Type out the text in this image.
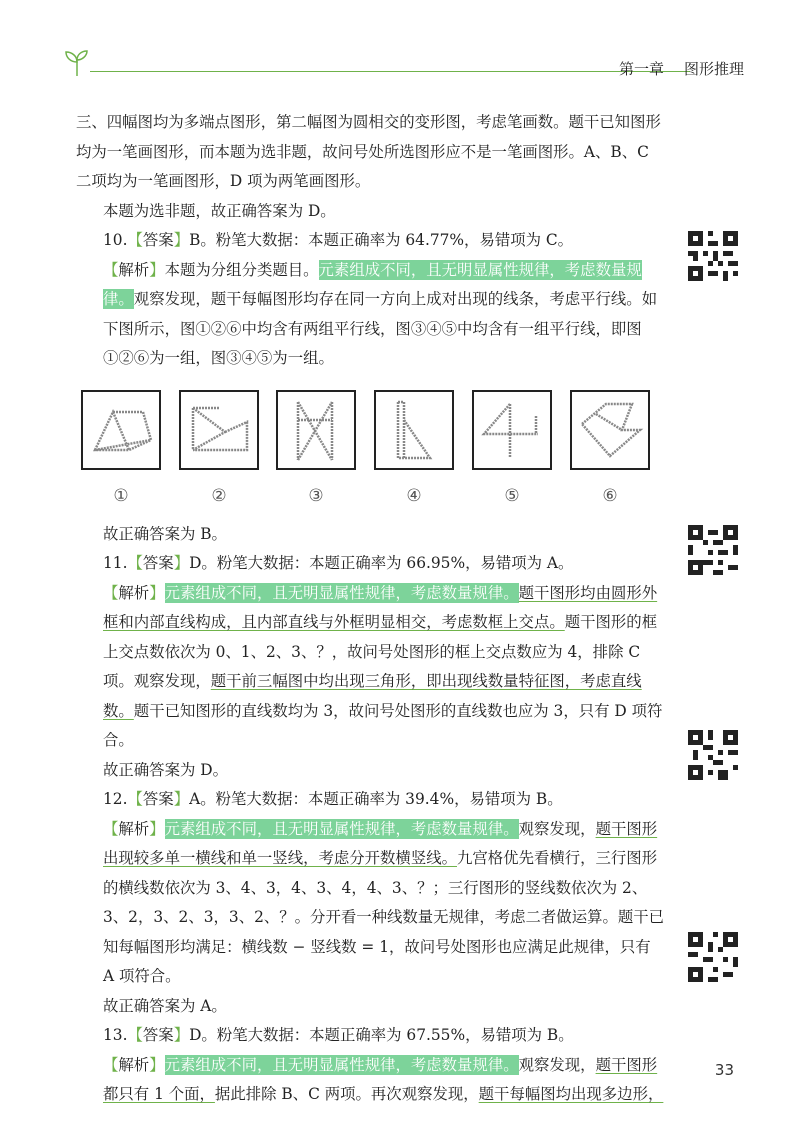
第一章 图形推理

三、四幅图均为多端点图形，第二幅图为圆相交的变形图，考虑笔画数。题干已知图形均为一笔画图形，而本题为选非题，故问号处所选图形应不是一笔画图形。A、B、C 二项均为一笔画图形，D 项为两笔画图形。

本题为选非题，故正确答案为 D。

10.【答案】B。粉笔大数据：本题正确率为 64.77%，易错项为 C。

【解析】本题为分组分类题目。元素组成不同，且无明显属性规律，考虑数量规律。观察发现，题干每幅图形均存在同一方向上成对出现的线条，考虑平行线。如下图所示，图①②⑥中均含有两组平行线，图③④⑤中均含有一组平行线，即图①②⑥为一组，图③④⑤为一组。

①	②	③	④	⑤	⑥

故正确答案为 B。

11.【答案】D。粉笔大数据：本题正确率为 66.95%，易错项为 A。

【解析】元素组成不同，且无明显属性规律，考虑数量规律。题干图形均由圆形外框和内部直线构成，且内部直线与外框明显相交，考虑数框上交点。题干图形的框上交点数依次为 0、1、2、3、？，故问号处图形的框上交点数应为 4，排除 C 项。观察发现，题干前三幅图中均出现三角形，即出现线数量特征图，考虑直线数。题干已知图形的直线数均为 3，故问号处图形的直线数也应为 3，只有 D 项符合。

故正确答案为 D。

12.【答案】A。粉笔大数据：本题正确率为 39.4%，易错项为 B。

【解析】元素组成不同，且无明显属性规律，考虑数量规律。观察发现，题干图形出现较多单一横线和单一竖线，考虑分开数横竖线。九宫格优先看横行，三行图形的横线数依次为 3、4、3，4、3、4，4、3、？；三行图形的竖线数依次为 2、3、2，3、2、3，3、2、？。分开看一种线数量无规律，考虑二者做运算。题干已知每幅图形均满足：横线数 − 竖线数 = 1，故问号处图形也应满足此规律，只有 A 项符合。

故正确答案为 A。

13.【答案】D。粉笔大数据：本题正确率为 67.55%，易错项为 B。

【解析】元素组成不同，且无明显属性规律，考虑数量规律。观察发现，题干图形都只有 1 个面，据此排除 B、C 两项。再次观察发现，题干每幅图均出现多边形，

33
